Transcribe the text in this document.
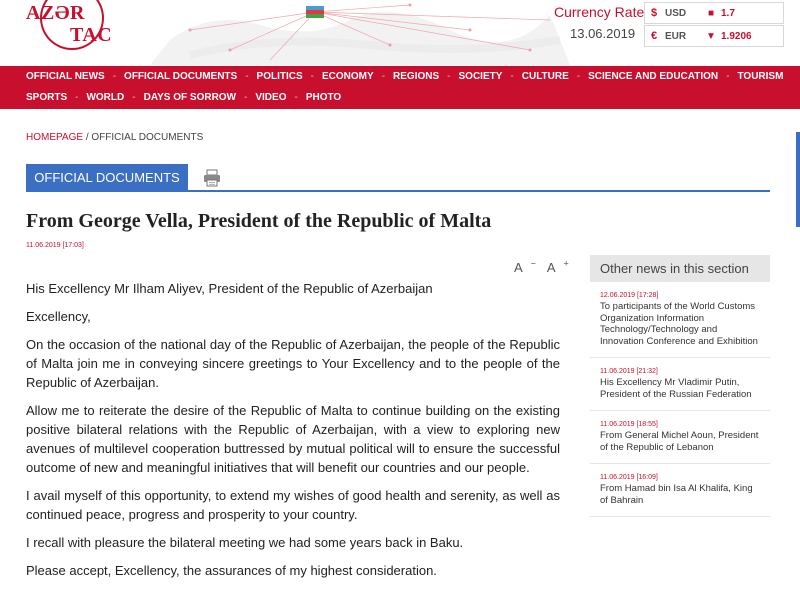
AZƏR
TAC
Currency Rate
13.06.2019
$ USD	■ 1.7
€ EUR	▼ 1.9206
OFFICIAL NEWS - OFFICIAL DOCUMENTS - POLITICS - ECONOMY - REGIONS - SOCIETY - CULTURE - SCIENCE AND EDUCATION - TOURISM
SPORTS - WORLD - DAYS OF SORROW - VIDEO - PHOTO
HOMEPAGE / OFFICIAL DOCUMENTS
OFFICIAL DOCUMENTS
From George Vella, President of the Republic of Malta
11.06.2019 [17:03]
A − A +

His Excellency Mr Ilham Aliyev, President of the Republic of Azerbaijan

Excellency,

On the occasion of the national day of the Republic of Azerbaijan, the people of the Republic of Malta join me in conveying sincere greetings to Your Excellency and to the people of the Republic of Azerbaijan.

Allow me to reiterate the desire of the Republic of Malta to continue building on the existing positive bilateral relations with the Republic of Azerbaijan, with a view to exploring new avenues of multilevel cooperation buttressed by mutual political will to ensure the successful outcome of new and meaningful initiatives that will benefit our countries and our people.

I avail myself of this opportunity, to extend my wishes of good health and serenity, as well as continued peace, progress and prosperity to your country.

I recall with pleasure the bilateral meeting we had some years back in Baku.

Please accept, Excellency, the assurances of my highest consideration.

Other news in this section
12.06.2019 [17:28]
To participants of the World Customs Organization Information Technology/Technology and Innovation Conference and Exhibition
11.06.2019 [21:32]
His Excellency Mr Vladimir Putin, President of the Russian Federation
11.06.2019 [18:55]
From General Michel Aoun, President of the Republic of Lebanon
11.06.2019 [16:09]
From Hamad bin Isa Al Khalifa, King of Bahrain
